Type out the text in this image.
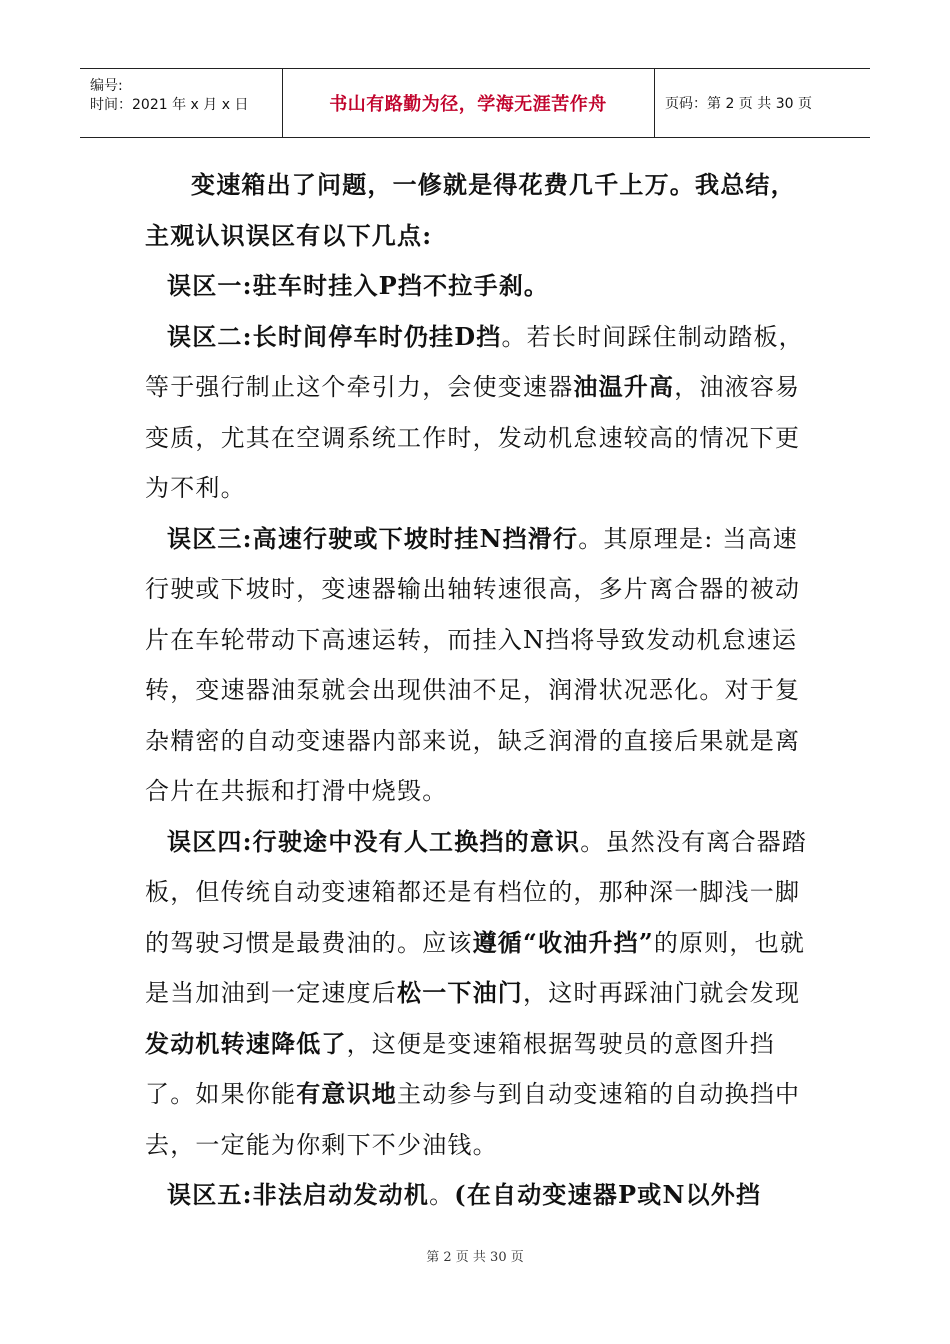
编号:
时间：2021 年 x 月 x 日	书山有路勤为径，学海无涯苦作舟	页码：第 2 页 共 30 页

变速箱出了问题，一修就是得花费几千上万。我总结，主观认识误区有以下几点:

误区一:驻车时挂入P挡不拉手刹。

误区二:长时间停车时仍挂D挡。若长时间踩住制动踏板，等于强行制止这个牵引力，会使变速器油温升高，油液容易变质，尤其在空调系统工作时，发动机怠速较高的情况下更为不利。

误区三:高速行驶或下坡时挂N挡滑行。其原理是: 当高速行驶或下坡时，变速器输出轴转速很高，多片离合器的被动片在车轮带动下高速运转，而挂入N挡将导致发动机怠速运转，变速器油泵就会出现供油不足，润滑状况恶化。对于复杂精密的自动变速器内部来说，缺乏润滑的直接后果就是离合片在共振和打滑中烧毁。

误区四:行驶途中没有人工换挡的意识。虽然没有离合器踏板，但传统自动变速箱都还是有档位的，那种深一脚浅一脚的驾驶习惯是最费油的。应该遵循“收油升挡”的原则，也就是当加油到一定速度后松一下油门，这时再踩油门就会发现发动机转速降低了，这便是变速箱根据驾驶员的意图升挡了。如果你能有意识地主动参与到自动变速箱的自动换挡中去，一定能为你剩下不少油钱。

误区五:非法启动发动机。(在自动变速器P或N以外挡

第 2 页 共 30 页
